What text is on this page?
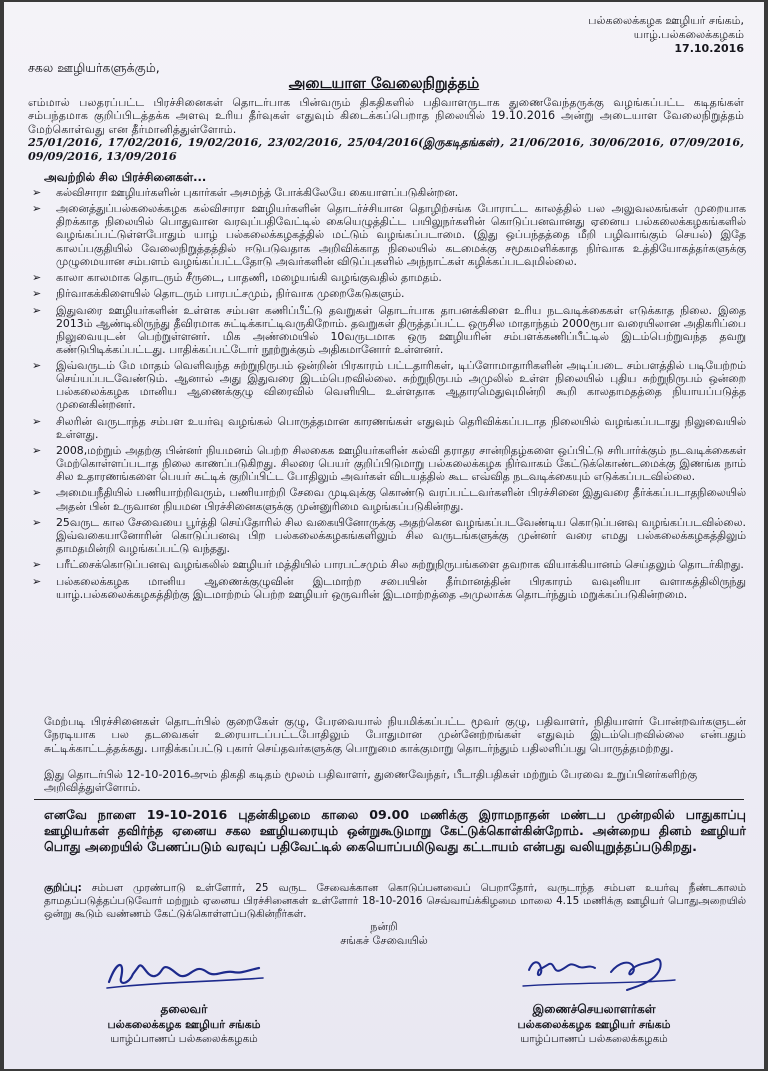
பல்கலைக்கழக ஊழியர் சங்கம்,
யாழ்.பல்கலைக்கழகம்
17.10.2016
சகல ஊழியர்களுக்கும்,
அடையாள வேலைநிறுத்தம்
எம்மால் பலதரப்பட்ட பிரச்சினைகள் தொடர்பாக பின்வரும் திகதிகளில் பதிவாளருடாக துணைவேந்தருக்கு வழங்கப்பட்ட கடிதங்கள் சம்பந்தமாக குறிப்பிடத்தக்க அளவு உரிய தீர்வுகள் எதுவும் கிடைக்கப்பெறாத நிலையில் 19.10.2016 அன்று அடையாள வேலைநிறுத்தம் மேற்கொள்வது என தீர்மானித்துள்ளோம்.
25/01/2016, 17/02/2016, 19/02/2016, 23/02/2016, 25/04/2016(இருகடிதங்கள்), 21/06/2016, 30/06/2016, 07/09/2016, 09/09/2016, 13/09/2016
அவற்றில் சில பிரச்சினைகள்...
➢ கல்விசாரா ஊழியர்களின் புகார்கள் அசமந்த் போக்கிலேயே கையாளப்படுகின்றன.
➢ அனைத்துப்பல்கலைக்கழக கல்விசாரா ஊழியர்களின் தொடர்ச்சியான தொழிற்சங்க போராட்ட காலத்தில் பல அலுவலகங்கள் முறையாக திறக்காத நிலையில் பொதுவான வரவுப்பதிவேட்டில் கையெழுத்திட்ட பயிலுநர்களின் கொடுப்பனவானது ஏனைய பல்கலைக்கழகங்களில் வழங்கப்பட்டுள்ளபோதும் யாழ் பல்கலைக்கழகத்தில் மட்டும் வழங்கப்படாமை. (இது ஒப்பந்தத்தை மீறி பழிவாங்கும் செயல்) இதே காலப்பகுதியில் வேலைநிறுத்தத்தில் ஈடுபடுவதாக அறிவிக்காத நிலையில் கடமைக்கு சமூகமளிக்காத நிர்வாக உத்தியோகத்தர்களுக்கு முழுமையான சம்பளம் வழங்கப்பட்டதோடு அவர்களின் விடுப்புகளில் அந்நாட்கள் கழிக்கப்படவுமில்லை.
➢ காலா காலமாக தொடரும் சீருடை, பாதணி, மழையங்கி வழங்குவதில் தாமதம்.
➢ நிர்வாகக்கிளையில் தொடரும் பாரபட்சமும், நிர்வாக முறைகேடுகளும்.
➢ இதுவரை ஊழியர்களின் உள்ளக சம்பள கணிப்பீட்டு தவறுகள் தொடர்பாக தாபனக்கிளை உரிய நடவடிக்கைகள் எடுக்காத நிலை. இதை 2013ம் ஆண்டிலிருந்து தீவிரமாக சுட்டிக்காட்டிவருகிறோம். தவறுகள் திருத்தப்பட்ட ஒருசில மாதாந்தம் 2000ரூபா வரையிலான அதிகரிப்பை நிலுவையுடன் பெற்றுள்ளனர். மிக அண்மையில் 10வருடமாக ஒரு ஊழியரின் சம்பளக்கணிப்பீட்டில் இடம்பெற்றுவந்த தவறு கண்டுபிடிக்கப்பட்டது. பாதிக்கப்பட்டோர் நூற்றுக்கும் அதிகமானோர் உள்ளனர்.
➢ இவ்வருடம் மே மாதம் வெளிவந்த சுற்றுநிருபம் ஒன்றின் பிரகாரம் பட்டதாரிகள், டிப்ளோமாதாரிகளின் அடிப்படை சம்பளத்தில் படியேற்றம் செய்யப்படவேண்டும். ஆனால் அது இதுவரை இடம்பெறவில்லை. சுற்றுநிருபம் அமுலில் உள்ள நிலையில் புதிய சுற்றுநிருபம் ஒன்றை பல்கலைக்கழக மானிய ஆணைக்குழு விரைவில் வெளியிட உள்ளதாக ஆதாரமெதுவுமின்றி கூறி காலதாமதத்தை நியாயப்படுத்த முனைகின்றனர்.
➢ சிலரின் வருடாந்த சம்பள உயர்வு வழங்கல் பொருத்தமான காரணங்கள் எதுவும் தெரிவிக்கப்படாத நிலையில் வழங்கப்படாது நிலுவையில் உள்ளது.
➢ 2008,மற்றும் அதற்கு பின்னர் நியமனம் பெற்ற சிலகைக ஊழியர்களின் கல்வி தராதர சான்றிதழ்களை ஒப்பிட்டு சரிபார்க்கும் நடவடிக்கைகள் மேற்கொள்ளப்படாத நிலை காணப்படுகிறது. சிலரை பெயர் குறிப்பிடுமாறு பல்கலைக்கழக நிர்வாகம் கேட்டுக்கொண்டமைக்கு இணங்க நாம் சில உதாரணங்களை பெயர் சுட்டிக் குறிப்பிட்ட போதிலும் அவர்கள் விடயத்தில் கூட எவ்வித நடவடிக்கையும் எடுக்கப்படவில்லை.
➢ அமையநீதியில் பணியாற்றிவரும், பணியாற்றி சேவை முடிவுக்கு கொண்டு வரப்பட்டவர்களின் பிரச்சினை இதுவரை தீர்க்கப்படாதநிலையில் அதன் பின் உருவான நியமன பிரச்சினைகளுக்கு முன்னுரிமை வழங்கப்படுகின்றது.
➢ 25வருட கால சேவையை பூர்த்தி செய்தோரில் சில வகையினோருக்கு அதற்கென வழங்கப்படவேண்டிய கொடுப்பனவு வழங்கப்படவில்லை. இவ்வகையானோரின் கொடுப்பனவு பிற பல்கலைக்கழகங்களிலும் சில வருடங்களுக்கு முன்னர் வரை எமது பல்கலைக்கழகத்திலும் தாமதமின்றி வழங்கப்பட்டு வந்தது.
➢ பரீட்சைக்கொடுப்பனவு வழங்கலில் ஊழியர் மத்தியில் பாரபட்சமும் சில சுற்றுநிருபங்களை தவறாக வியாக்கியானம் செய்தலும் தொடர்கிறது.
➢ பல்கலைக்கழக மானிய ஆணைக்குழுவின் இடமாற்ற சபையின் தீர்மானத்தின் பிரகாரம் வவுனியா வளாகத்திலிருந்து யாழ்.பல்கலைக்கழகத்திற்கு இடமாற்றம் பெற்ற ஊழியர் ஒருவரின் இடமாற்றத்தை அமுலாக்க தொடர்ந்தும் மறுக்கப்படுகின்றமை.
மேற்படி பிரச்சினைகள் தொடர்பில் குறைகேள் குழு, பேரவையால் நியமிக்கப்பட்ட மூவர் குழு, பதிவாளர், நிதியாளர் போன்றவர்களுடன் நேரடியாக பல தடவைகள் உரையாடப்பட்டபோதிலும் போதுமான முன்னேற்றங்கள் எதுவும் இடம்பெறவில்லை என்பதும் சுட்டிக்காட்டத்தக்கது. பாதிக்கப்பட்டு புகார் செய்தவர்களுக்கு பொறுமை காக்குமாறு தொடர்ந்தும் பதிலளிப்பது பொருத்தமற்றது.
இது தொடர்பில் 12-10-2016அும் திகதி கடிதம் மூலம் பதிவாளர், துணைவேந்தர், பீடாதிபதிகள் மற்றும் பேரவை உறுப்பினர்களிற்கு அறிவித்துள்ளோம்.
எனவே நாளை 19-10-2016 புதன்கிழமை காலை 09.00 மணிக்கு இராமநாதன் மண்டப முன்றலில் பாதுகாப்பு ஊழியர்கள் தவிர்ந்த ஏனைய சகல ஊழியரையும் ஒன்றுகூடுமாறு கேட்டுக்கொள்கின்றோம். அன்றைய தினம் ஊழியர் பொது அறையில் பேணப்படும் வரவுப் பதிவேட்டில் கையொப்பமிடுவது கட்டாயம் என்பது வலியுறுத்தப்படுகிறது.
குறிப்பு: சம்பள முரண்பாடு உள்ளோர், 25 வருட சேவைக்கான கொடுப்பனவைப் பெறாதோர், வருடாந்த சம்பள உயர்வு நீண்டகாலம் தாமதப்படுத்தப்படுவோர் மற்றும் ஏனைய பிரச்சினைகள் உள்ளோர் 18-10-2016 செவ்வாய்க்கிழமை மாலை 4.15 மணிக்கு ஊழியர் பொதுஅறையில் ஒன்று கூடும் வண்ணம் கேட்டுக்கொள்ளப்படுகின்றீர்கள்.
நன்றி
சங்கச் சேவையில்
தலைவர்
பல்கலைக்கழக ஊழியர் சங்கம்
யாழ்ப்பாணப் பல்கலைக்கழகம்
இணைச்செயலாளர்கள்
பல்கலைக்கழக ஊழியர் சங்கம்
யாழ்ப்பாணப் பல்கலைக்கழகம்
